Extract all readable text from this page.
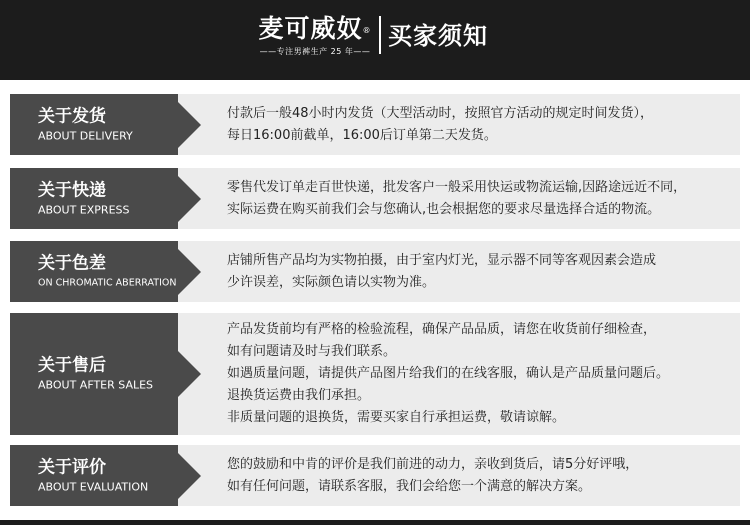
麦可威奴®
——专注男裤生产 25 年——
买家须知
关于发货
ABOUT DELIVERY

付款后一般48小时内发货（大型活动时，按照官方活动的规定时间发货），

每日16:00前截单，16:00后订单第二天发货。

关于快递
ABOUT EXPRESS

零售代发订单走百世快递，批发客户一般采用快运或物流运输,因路途远近不同，

实际运费在购买前我们会与您确认,也会根据您的要求尽量选择合适的物流。

关于色差
ON CHROMATIC ABERRATION

店铺所售产品均为实物拍摄，由于室内灯光，显示器不同等客观因素会造成

少许误差，实际颜色请以实物为准。

关于售后
ABOUT AFTER SALES

产品发货前均有严格的检验流程，确保产品品质，请您在收货前仔细检查，

如有问题请及时与我们联系。

如遇质量问题，请提供产品图片给我们的在线客服，确认是产品质量问题后。

退换货运费由我们承担。

非质量问题的退换货，需要买家自行承担运费，敬请谅解。

关于评价
ABOUT EVALUATION

您的鼓励和中肯的评价是我们前进的动力，亲收到货后，请5分好评哦，

如有任何问题，请联系客服，我们会给您一个满意的解决方案。
